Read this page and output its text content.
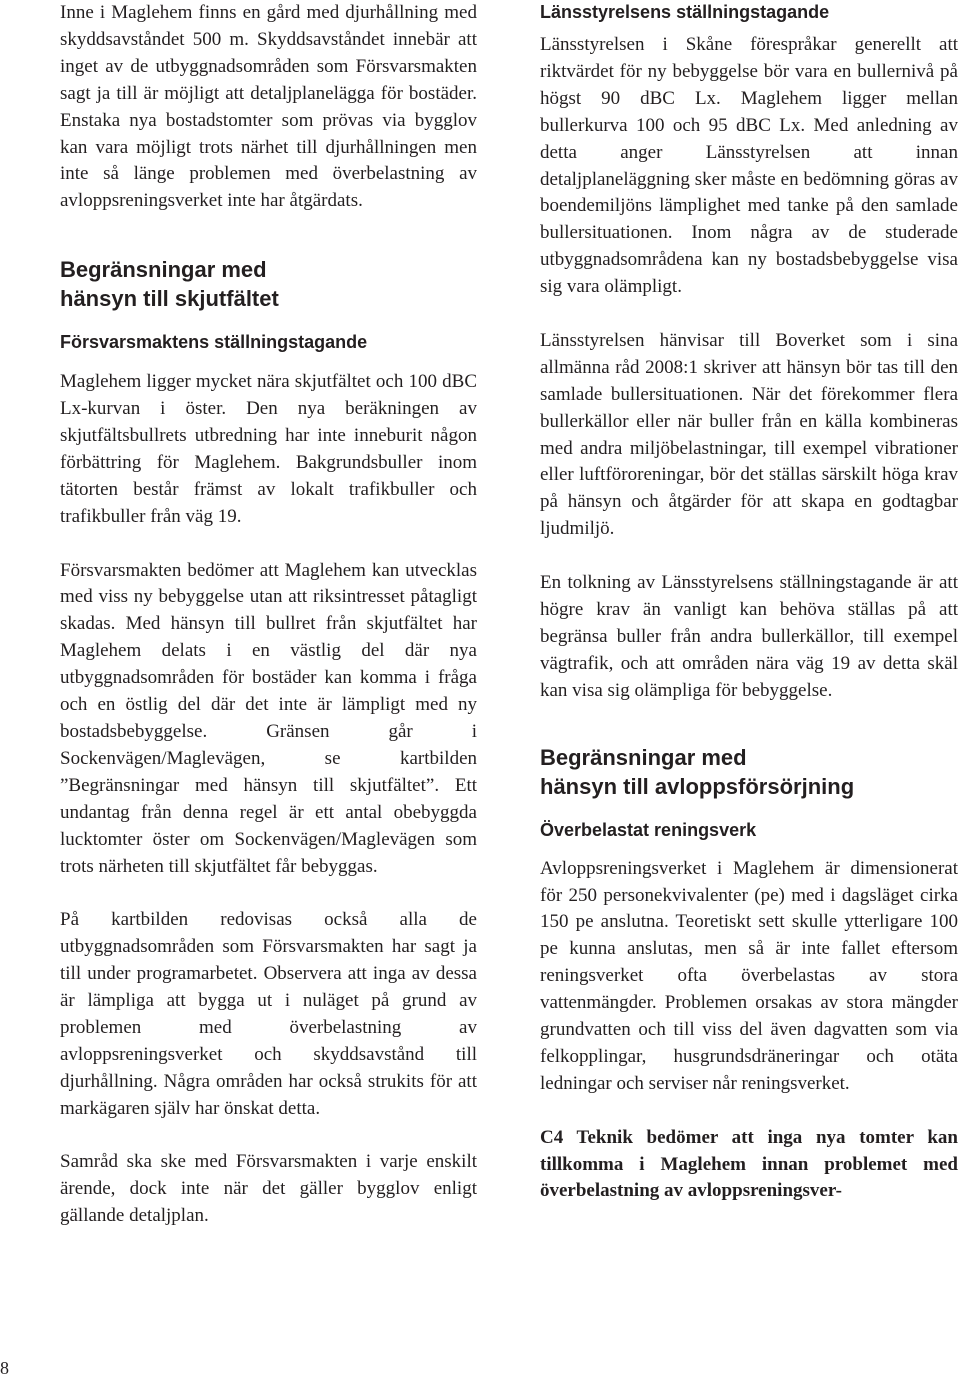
Inne i Maglehem finns en gård med djurhållning med skyddsavståndet 500 m. Skyddsavståndet innebär att inget av de utbyggnadsområden som Försvarsmakten sagt ja till är möjligt att detaljplanelägga för bostäder. Enstaka nya bostadstomter som prövas via bygglov kan vara möjligt trots närhet till djurhållningen men inte så länge problemen med överbelastning av avloppsreningsverket inte har åtgärdats.

Begränsningar med
hänsyn till skjutfältet
Försvarsmaktens ställningstagande

Maglehem ligger mycket nära skjutfältet och 100 dBC Lx-kurvan i öster. Den nya beräkningen av skjutfältsbullrets utbredning har inte inneburit någon förbättring för Maglehem. Bakgrundsbuller inom tätorten består främst av lokalt trafikbuller och trafikbuller från väg 19.

Försvarsmakten bedömer att Maglehem kan utvecklas med viss ny bebyggelse utan att riksintresset påtagligt skadas. Med hänsyn till bullret från skjutfältet har Maglehem delats i en västlig del där nya utbyggnadsområden för bostäder kan komma i fråga och en östlig del där det inte är lämpligt med ny bostadsbebyggelse. Gränsen går i Sockenvägen/Maglevägen, se kartbilden ”Begränsningar med hänsyn till skjutfältet”. Ett undantag från denna regel är ett antal obebyggda lucktomter öster om Sockenvägen/Maglevägen som trots närheten till skjutfältet får bebyggas.

På kartbilden redovisas också alla de utbyggnadsområden som Försvarsmakten har sagt ja till under programarbetet. Observera att inga av dessa är lämpliga att bygga ut i nuläget på grund av problemen med överbelastning av avloppsreningsverket och skyddsavstånd till djurhållning. Några områden har också strukits för att markägaren själv har önskat detta.

Samråd ska ske med Försvarsmakten i varje enskilt ärende, dock inte när det gäller bygglov enligt gällande detaljplan.

Länsstyrelsens ställningstagande

Länsstyrelsen i Skåne förespråkar generellt att riktvärdet för ny bebyggelse bör vara en bullernivå på högst 90 dBC Lx. Maglehem ligger mellan bullerkurva 100 och 95 dBC Lx. Med anledning av detta anger Länsstyrelsen att innan detaljplaneläggning sker måste en bedömning göras av boendemiljöns lämplighet med tanke på den samlade bullersituationen. Inom några av de studerade utbyggnadsområdena kan ny bostadsbebyggelse visa sig vara olämpligt.

Länsstyrelsen hänvisar till Boverket som i sina allmänna råd 2008:1 skriver att hänsyn bör tas till den samlade bullersituationen. När det förekommer flera bullerkällor eller när buller från en källa kombineras med andra miljöbelastningar, till exempel vibrationer eller luftföroreningar, bör det ställas särskilt höga krav på hänsyn och åtgärder för att skapa en godtagbar ljudmiljö.

En tolkning av Länsstyrelsens ställningstagande är att högre krav än vanligt kan behöva ställas på att begränsa buller från andra bullerkällor, till exempel vägtrafik, och att områden nära väg 19 av detta skäl kan visa sig olämpliga för bebyggelse.

Begränsningar med
hänsyn till avloppsförsörjning
Överbelastat reningsverk

Avloppsreningsverket i Maglehem är dimensionerat för 250 personekvivalenter (pe) med i dagsläget cirka 150 pe anslutna. Teoretiskt sett skulle ytterligare 100 pe kunna anslutas, men så är inte fallet eftersom reningsverket ofta överbelastas av stora vattenmängder. Problemen orsakas av stora mängder grundvatten och till viss del även dagvatten som via felkopplingar, husgrundsdräneringar och otäta ledningar och serviser når reningsverket.

C4 Teknik bedömer att inga nya tomter kan tillkomma i Maglehem innan problemet med överbelastning av avloppsreningsver-

8
